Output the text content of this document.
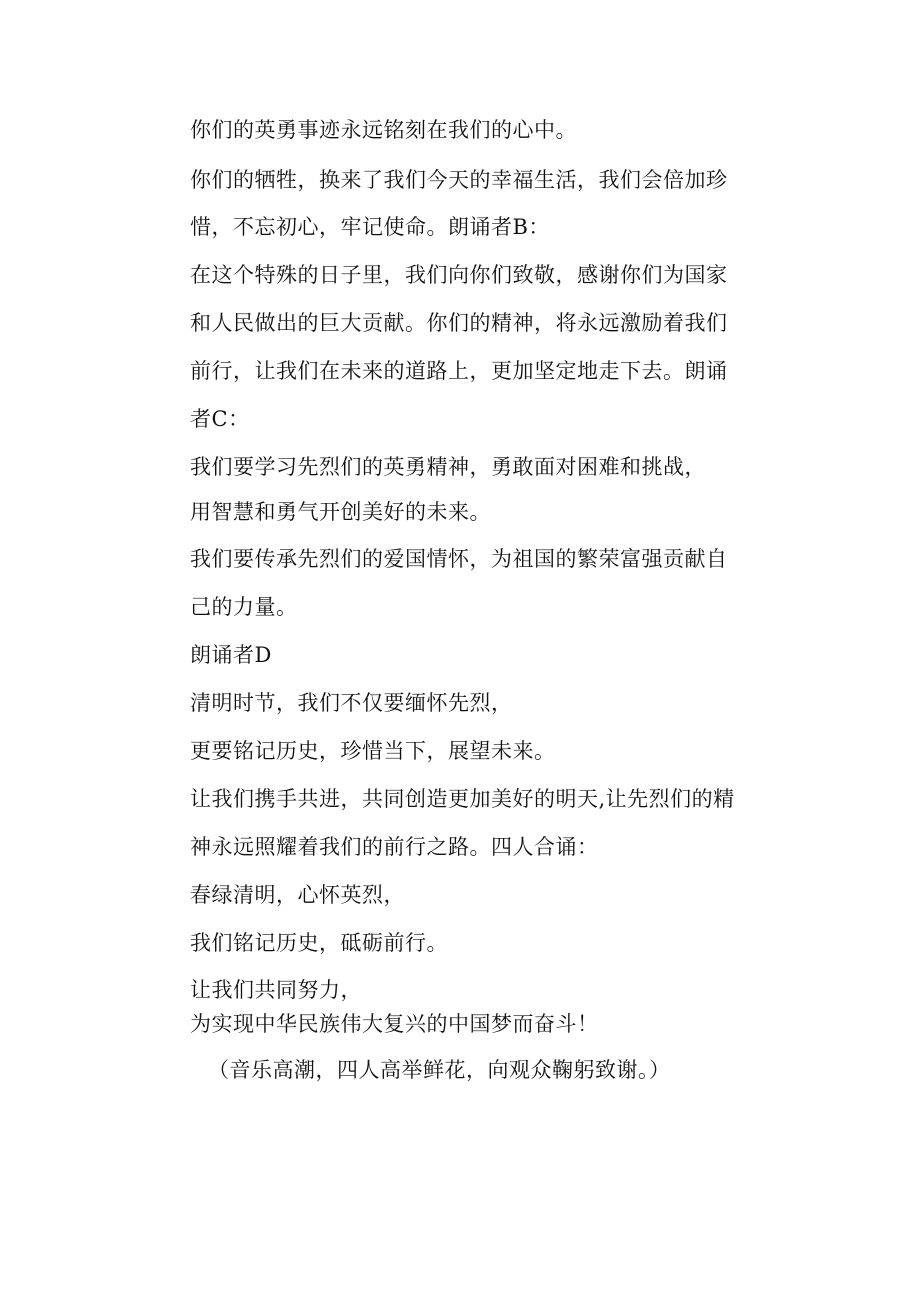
你们的英勇事迹永远铭刻在我们的心中。
你们的牺牲，换来了我们今天的幸福生活，我们会倍加珍
惜，不忘初心，牢记使命。朗诵者B：
在这个特殊的日子里，我们向你们致敬，感谢你们为国家
和人民做出的巨大贡献。你们的精神，将永远激励着我们
前行，让我们在未来的道路上，更加坚定地走下去。朗诵
者C：
我们要学习先烈们的英勇精神，勇敢面对困难和挑战，
用智慧和勇气开创美好的未来。
我们要传承先烈们的爱国情怀，为祖国的繁荣富强贡献自
己的力量。
朗诵者D
清明时节，我们不仅要缅怀先烈，
更要铭记历史，珍惜当下，展望未来。
让我们携手共进，共同创造更加美好的明天,让先烈们的精
神永远照耀着我们的前行之路。四人合诵：
春绿清明，心怀英烈，
我们铭记历史，砥砺前行。
让我们共同努力，
为实现中华民族伟大复兴的中国梦而奋斗！
（音乐高潮，四人高举鲜花，向观众鞠躬致谢。）
